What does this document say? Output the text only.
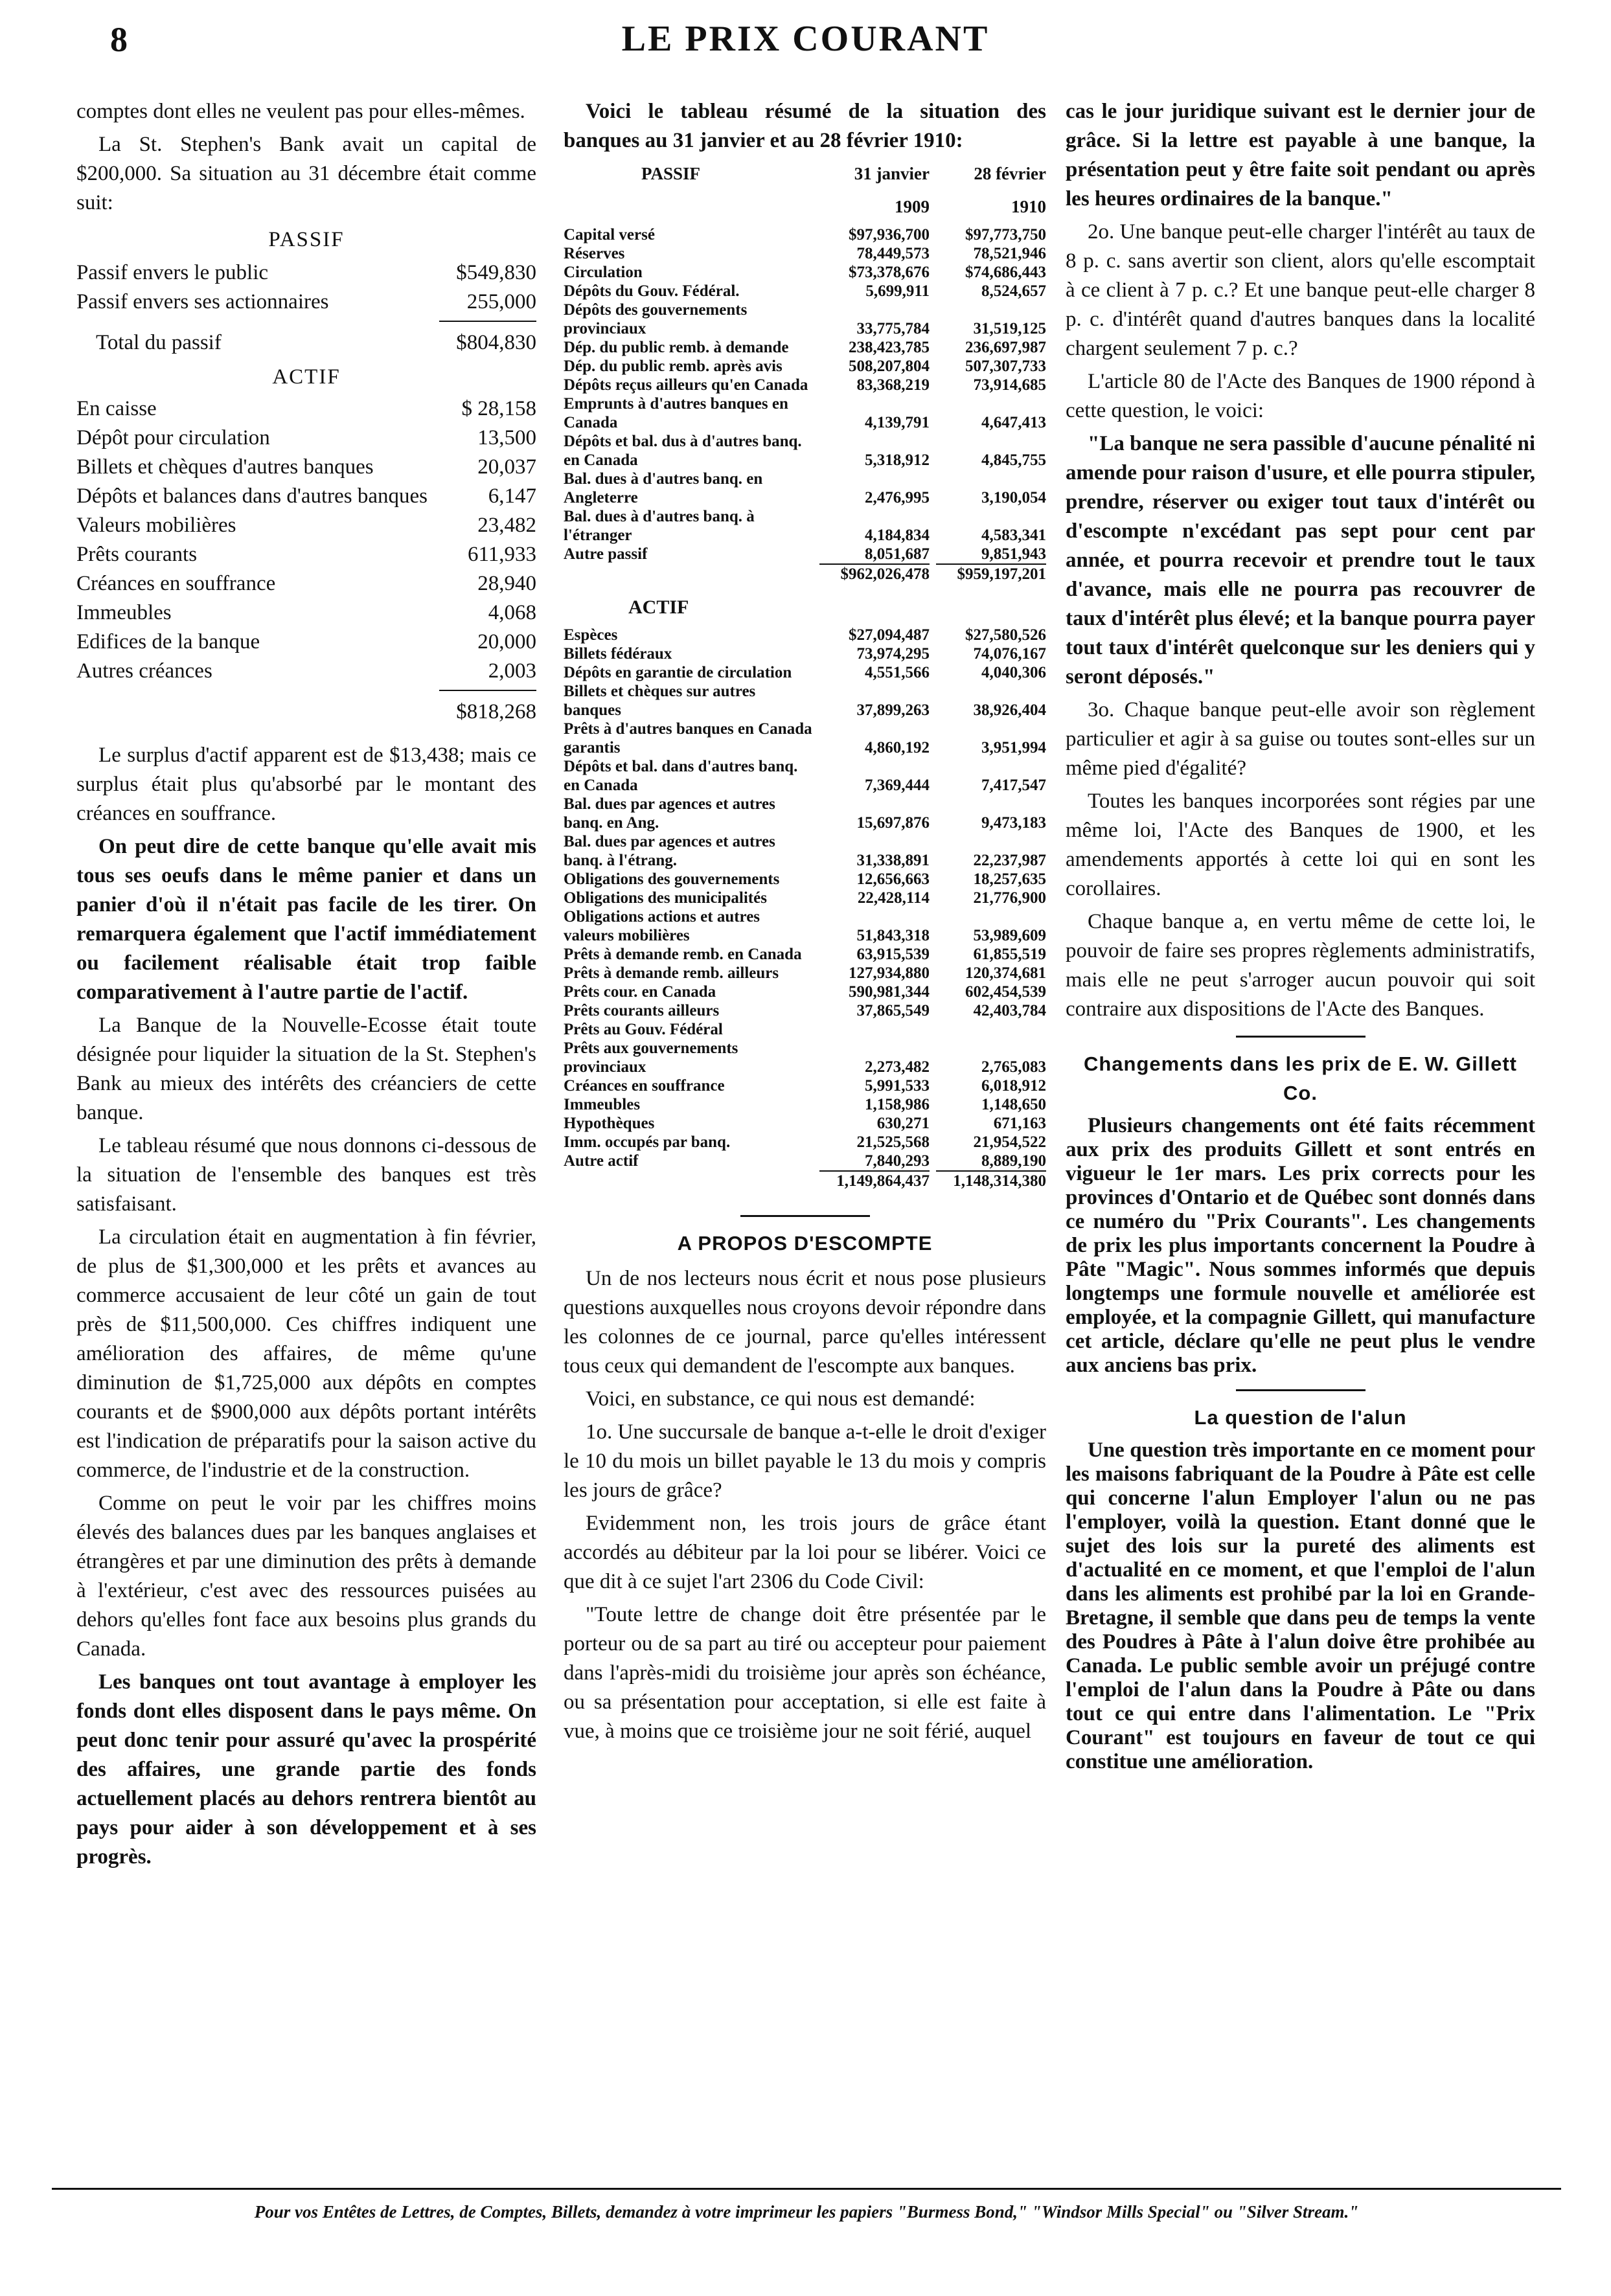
8	LE PRIX COURANT

comptes dont elles ne veulent pas pour elles-mêmes.

La St. Stephen's Bank avait un capital de $200,000. Sa situation au 31 décembre était comme suit:

PASSIF
Passif envers le public	$549,830
Passif envers ses actionnaires	255,000
Total du passif	$804,830
ACTIF
En caisse	$ 28,158
Dépôt pour circulation	13,500
Billets et chèques d'autres banques	20,037
Dépôts et balances dans d'autres banques	6,147
Valeurs mobilières	23,482
Prêts courants	611,933
Créances en souffrance	28,940
Immeubles	4,068
Edifices de la banque	20,000
Autres créances	2,003
$818,268

Le surplus d'actif apparent est de $13,438; mais ce surplus était plus qu'absorbé par le montant des créances en souffrance.

On peut dire de cette banque qu'elle avait mis tous ses oeufs dans le même panier et dans un panier d'où il n'était pas facile de les tirer. On remarquera également que l'actif immédiatement ou facilement réalisable était trop faible comparativement à l'autre partie de l'actif.

La Banque de la Nouvelle-Ecosse était toute désignée pour liquider la situation de la St. Stephen's Bank au mieux des intérêts des créanciers de cette banque.

Le tableau résumé que nous donnons ci-dessous de la situation de l'ensemble des banques est très satisfaisant.

La circulation était en augmentation à fin février, de plus de $1,300,000 et les prêts et avances au commerce accusaient de leur côté un gain de tout près de $11,500,000. Ces chiffres indiquent une amélioration des affaires, de même qu'une diminution de $1,725,000 aux dépôts en comptes courants et de $900,000 aux dépôts portant intérêts est l'indication de préparatifs pour la saison active du commerce, de l'industrie et de la construction.

Comme on peut le voir par les chiffres moins élevés des balances dues par les banques anglaises et étrangères et par une diminution des prêts à demande à l'extérieur, c'est avec des ressources puisées au dehors qu'elles font face aux besoins plus grands du Canada.

Les banques ont tout avantage à employer les fonds dont elles disposent dans le pays même. On peut donc tenir pour assuré qu'avec la prospérité des affaires, une grande partie des fonds actuellement placés au dehors rentrera bientôt au pays pour aider à son développement et à ses progrès.

Voici le tableau résumé de la situation des banques au 31 janvier et au 28 février 1910:

PASSIF	31 janvier	28 février
1909	1910
Capital versé	$97,936,700	$97,773,750
Réserves	78,449,573	78,521,946
Circulation	$73,378,676	$74,686,443
Dépôts du Gouv. Fédéral.	5,699,911	8,524,657
Dépôts des gouvernements provinciaux	33,775,784	31,519,125
Dép. du public remb. à demande	238,423,785	236,697,987
Dép. du public remb. après avis	508,207,804	507,307,733
Dépôts reçus ailleurs qu'en Canada	83,368,219	73,914,685
Emprunts à d'autres banques en Canada	4,139,791	4,647,413
Dépôts et bal. dus à d'autres banq. en Canada	5,318,912	4,845,755
Bal. dues à d'autres banq. en Angleterre	2,476,995	3,190,054
Bal. dues à d'autres banq. à l'étranger	4,184,834	4,583,341
Autre passif	8,051,687	9,851,943
$962,026,478	$959,197,201
ACTIF
Espèces	$27,094,487	$27,580,526
Billets fédéraux	73,974,295	74,076,167
Dépôts en garantie de circulation	4,551,566	4,040,306
Billets et chèques sur autres banques	37,899,263	38,926,404
Prêts à d'autres banques en Canada garantis	4,860,192	3,951,994
Dépôts et bal. dans d'autres banq. en Canada	7,369,444	7,417,547
Bal. dues par agences et autres banq. en Ang.	15,697,876	9,473,183
Bal. dues par agences et autres banq. à l'étrang.	31,338,891	22,237,987
Obligations des gouvernements	12,656,663	18,257,635
Obligations des municipalités	22,428,114	21,776,900
Obligations actions et autres valeurs mobilières	51,843,318	53,989,609
Prêts à demande remb. en Canada	63,915,539	61,855,519
Prêts à demande remb. ailleurs	127,934,880	120,374,681
Prêts cour. en Canada	590,981,344	602,454,539
Prêts courants ailleurs	37,865,549	42,403,784
Prêts au Gouv. Fédéral
Prêts aux gouvernements provinciaux	2,273,482	2,765,083
Créances en souffrance	5,991,533	6,018,912
Immeubles	1,158,986	1,148,650
Hypothèques	630,271	671,163
Imm. occupés par banq.	21,525,568	21,954,522
Autre actif	7,840,293	8,889,190
1,149,864,437	1,148,314,380
A PROPOS D'ESCOMPTE

Un de nos lecteurs nous écrit et nous pose plusieurs questions auxquelles nous croyons devoir répondre dans les colonnes de ce journal, parce qu'elles intéressent tous ceux qui demandent de l'escompte aux banques.

Voici, en substance, ce qui nous est demandé:

1o. Une succursale de banque a-t-elle le droit d'exiger le 10 du mois un billet payable le 13 du mois y compris les jours de grâce?

Evidemment non, les trois jours de grâce étant accordés au débiteur par la loi pour se libérer. Voici ce que dit à ce sujet l'art 2306 du Code Civil:

"Toute lettre de change doit être présentée par le porteur ou de sa part au tiré ou accepteur pour paiement dans l'après-midi du troisième jour après son échéance, ou sa présentation pour acceptation, si elle est faite à vue, à moins que ce troisième jour ne soit férié, auquel

cas le jour juridique suivant est le dernier jour de grâce. Si la lettre est payable à une banque, la présentation peut y être faite soit pendant ou après les heures ordinaires de la banque."

2o. Une banque peut-elle charger l'intérêt au taux de 8 p. c. sans avertir son client, alors qu'elle escomptait à ce client à 7 p. c.? Et une banque peut-elle charger 8 p. c. d'intérêt quand d'autres banques dans la localité chargent seulement 7 p. c.?

L'article 80 de l'Acte des Banques de 1900 répond à cette question, le voici:

"La banque ne sera passible d'aucune pénalité ni amende pour raison d'usure, et elle pourra stipuler, prendre, réserver ou exiger tout taux d'intérêt ou d'escompte n'excédant pas sept pour cent par année, et pourra recevoir et prendre tout le taux d'avance, mais elle ne pourra pas recouvrer de taux d'intérêt plus élevé; et la banque pourra payer tout taux d'intérêt quelconque sur les deniers qui y seront déposés."

3o. Chaque banque peut-elle avoir son règlement particulier et agir à sa guise ou toutes sont-elles sur un même pied d'égalité?

Toutes les banques incorporées sont régies par une même loi, l'Acte des Banques de 1900, et les amendements apportés à cette loi qui en sont les corollaires.

Chaque banque a, en vertu même de cette loi, le pouvoir de faire ses propres règlements administratifs, mais elle ne peut s'arroger aucun pouvoir qui soit contraire aux dispositions de l'Acte des Banques.

Changements dans les prix de E. W. Gillett Co.

Plusieurs changements ont été faits récemment aux prix des produits Gillett et sont entrés en vigueur le 1er mars. Les prix corrects pour les provinces d'Ontario et de Québec sont donnés dans ce numéro du "Prix Courants". Les changements de prix les plus importants concernent la Poudre à Pâte "Magic". Nous sommes informés que depuis longtemps une formule nouvelle et améliorée est employée, et la compagnie Gillett, qui manufacture cet article, déclare qu'elle ne peut plus le vendre aux anciens bas prix.

La question de l'alun

Une question très importante en ce moment pour les maisons fabriquant de la Poudre à Pâte est celle qui concerne l'alun Employer l'alun ou ne pas l'employer, voilà la question. Etant donné que le sujet des lois sur la pureté des aliments est d'actualité en ce moment, et que l'emploi de l'alun dans les aliments est prohibé par la loi en Grande-Bretagne, il semble que dans peu de temps la vente des Poudres à Pâte à l'alun doive être prohibée au Canada. Le public semble avoir un préjugé contre l'emploi de l'alun dans la Poudre à Pâte ou dans tout ce qui entre dans l'alimentation. Le "Prix Courant" est toujours en faveur de tout ce qui constitue une amélioration.

Pour vos Entêtes de Lettres, de Comptes, Billets, demandez à votre imprimeur les papiers "Burmess Bond," "Windsor Mills Special" ou "Silver Stream."
